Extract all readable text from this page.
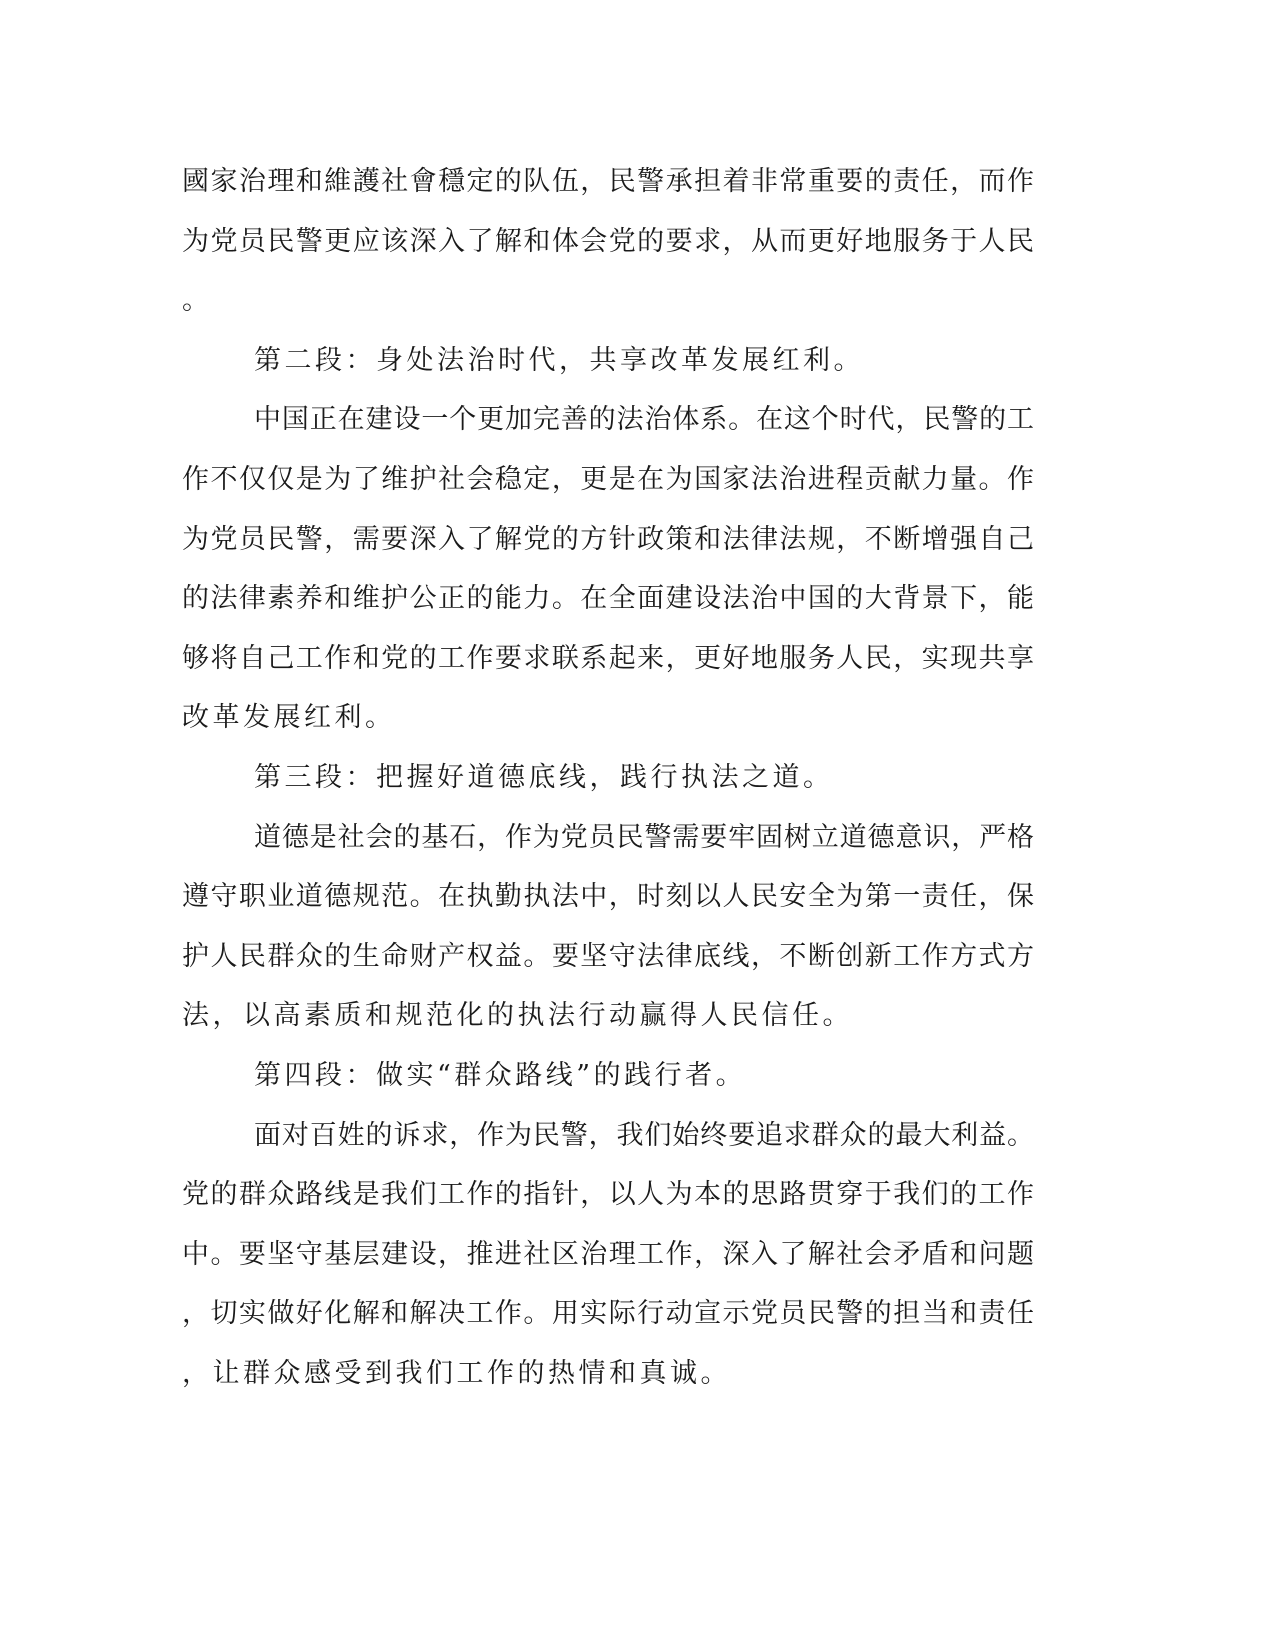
國家治理和維護社會穩定的队伍，民警承担着非常重要的责任，而作
为党员民警更应该深入了解和体会党的要求，从而更好地服务于人民
。
第二段：身处法治时代，共享改革发展红利。
中国正在建设一个更加完善的法治体系。在这个时代，民警的工
作不仅仅是为了维护社会稳定，更是在为国家法治进程贡献力量。作
为党员民警，需要深入了解党的方针政策和法律法规，不断增强自己
的法律素养和维护公正的能力。在全面建设法治中国的大背景下，能
够将自己工作和党的工作要求联系起来，更好地服务人民，实现共享
改革发展红利。
第三段：把握好道德底线，践行执法之道。
道德是社会的基石，作为党员民警需要牢固树立道德意识，严格
遵守职业道德规范。在执勤执法中，时刻以人民安全为第一责任，保
护人民群众的生命财产权益。要坚守法律底线，不断创新工作方式方
法，以高素质和规范化的执法行动赢得人民信任。
第四段：做实“群众路线”的践行者。
面对百姓的诉求，作为民警，我们始终要追求群众的最大利益。
党的群众路线是我们工作的指针，以人为本的思路贯穿于我们的工作
中。要坚守基层建设，推进社区治理工作，深入了解社会矛盾和问题
，切实做好化解和解决工作。用实际行动宣示党员民警的担当和责任
，让群众感受到我们工作的热情和真诚。
